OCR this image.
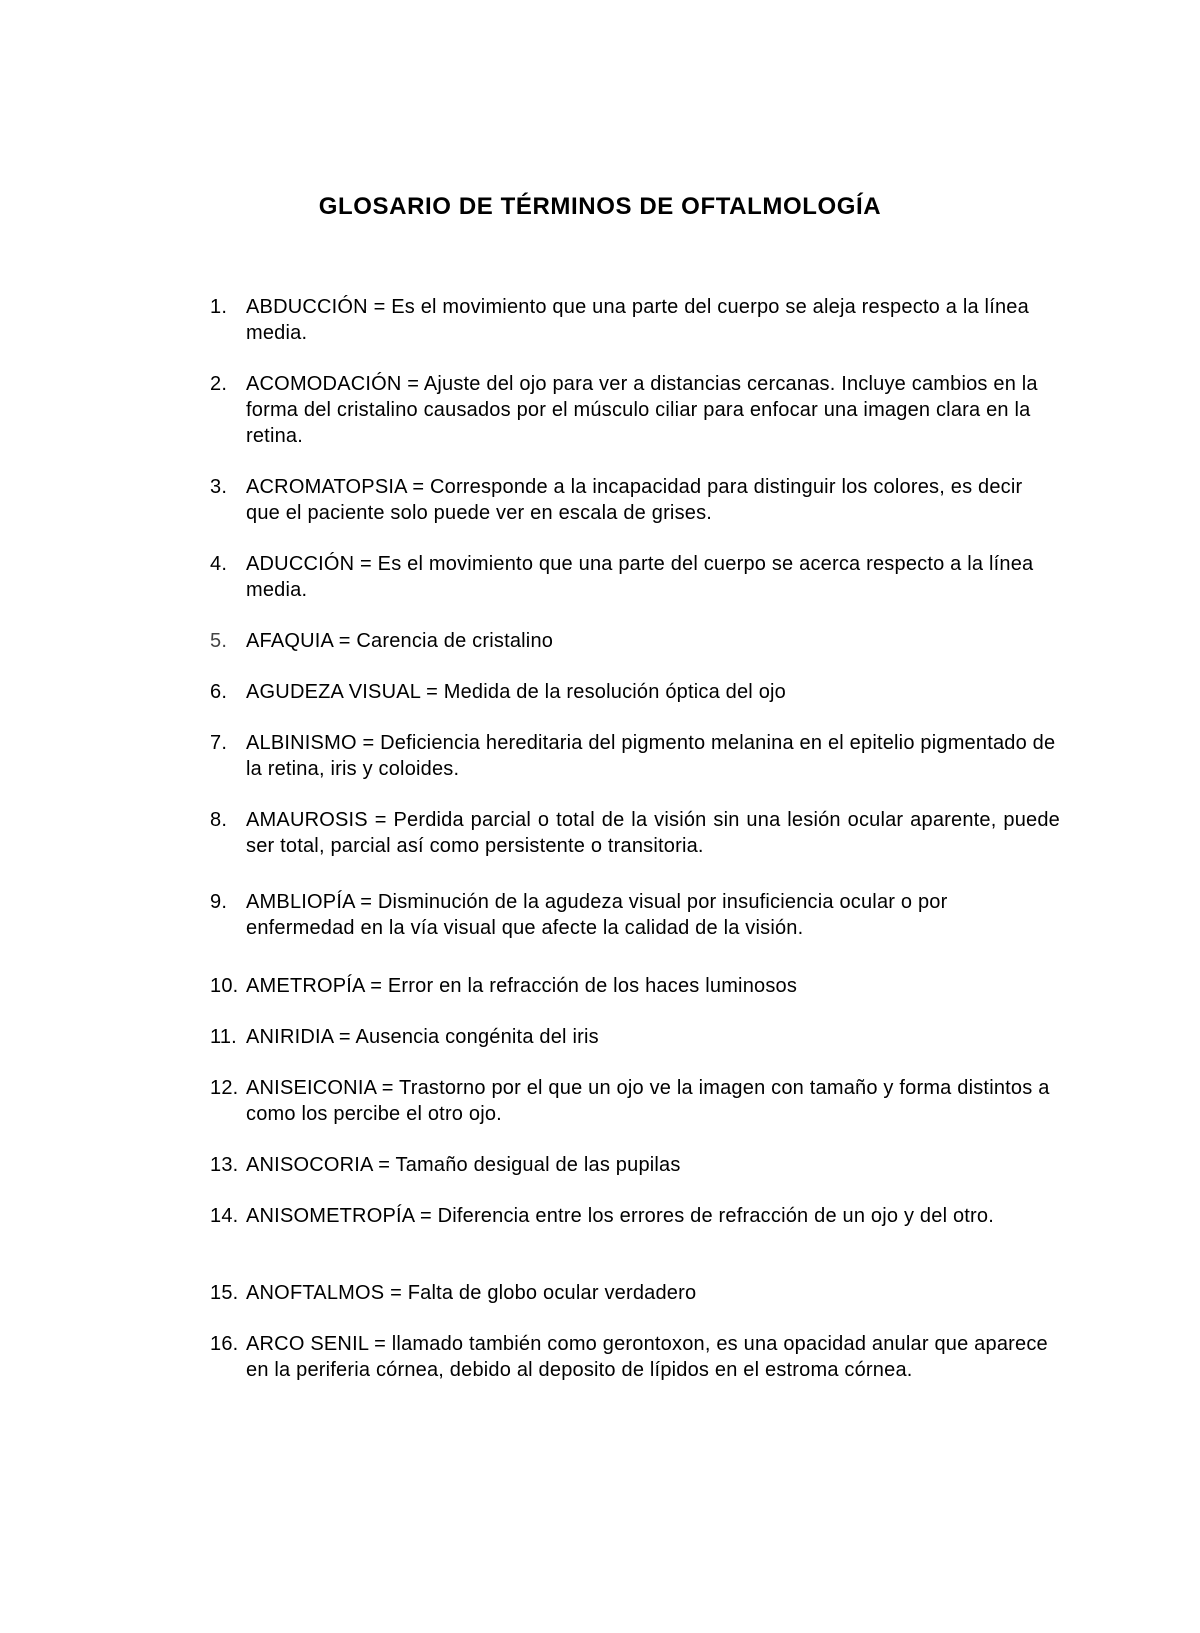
GLOSARIO DE TÉRMINOS DE OFTALMOLOGÍA
1. ABDUCCIÓN = Es el movimiento que una parte del cuerpo se aleja respecto a la línea media.
2. ACOMODACIÓN = Ajuste del ojo para ver a distancias cercanas. Incluye cambios en la forma del cristalino causados por el músculo ciliar para enfocar una imagen clara en la retina.
3. ACROMATOPSIA = Corresponde a la incapacidad para distinguir los colores, es decir que el paciente solo puede ver en escala de grises.
4. ADUCCIÓN = Es el movimiento que una parte del cuerpo se acerca respecto a la línea media.
5. AFAQUIA = Carencia de cristalino
6. AGUDEZA VISUAL = Medida de la resolución óptica del ojo
7. ALBINISMO = Deficiencia hereditaria del pigmento melanina en el epitelio pigmentado de la retina, iris y coloides.
8. AMAUROSIS = Perdida parcial o total de la visión sin una lesión ocular aparente, puede ser total, parcial así como persistente o transitoria.
9. AMBLIOPÍA = Disminución de la agudeza visual por insuficiencia ocular o por enfermedad en la vía visual que afecte la calidad de la visión.
10. AMETROPÍA = Error en la refracción de los haces luminosos
11. ANIRIDIA = Ausencia congénita del iris
12. ANISEICONIA = Trastorno por el que un ojo ve la imagen con tamaño y forma distintos a como los percibe el otro ojo.
13. ANISOCORIA = Tamaño desigual de las pupilas
14. ANISOMETROPÍA = Diferencia entre los errores de refracción de un ojo y del otro.
15. ANOFTALMOS = Falta de globo ocular verdadero
16. ARCO SENIL = llamado también como gerontoxon, es una opacidad anular que aparece en la periferia córnea, debido al deposito de lípidos en el estroma córnea.
